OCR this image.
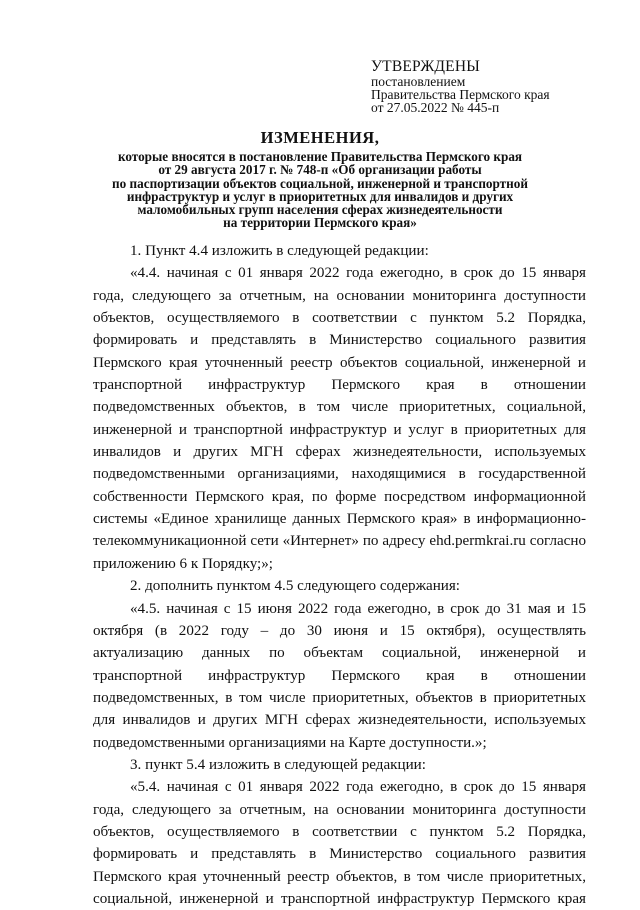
УТВЕРЖДЕНЫ
постановлением
Правительства Пермского края
от 27.05.2022 № 445-п
ИЗМЕНЕНИЯ,
которые вносятся в постановление Правительства Пермского края
от 29 августа 2017 г. № 748-п «Об организации работы
по паспортизации объектов социальной, инженерной и транспортной
инфраструктур и услуг в приоритетных для инвалидов и других
маломобильных групп населения сферах жизнедеятельности
на территории Пермского края»

1. Пункт 4.4 изложить в следующей редакции:

«4.4. начиная с 01 января 2022 года ежегодно, в срок до 15 января года, следующего за отчетным, на основании мониторинга доступности объектов, осуществляемого в соответствии с пунктом 5.2 Порядка, формировать и представлять в Министерство социального развития Пермского края уточненный реестр объектов социальной, инженерной и транспортной инфраструктур Пермского края в отношении подведомственных объектов, в том числе приоритетных, социальной, инженерной и транспортной инфраструктур и услуг в приоритетных для инвалидов и других МГН сферах жизнедеятельности, используемых подведомственными организациями, находящимися в государственной собственности Пермского края, по форме посредством информационной системы «Единое хранилище данных Пермского края» в информационно-телекоммуникационной сети «Интернет» по адресу ehd.permkrai.ru согласно приложению 6 к Порядку;»;

2. дополнить пунктом 4.5 следующего содержания:

«4.5. начиная с 15 июня 2022 года ежегодно, в срок до 31 мая и 15 октября (в 2022 году – до 30 июня и 15 октября), осуществлять актуализацию данных по объектам социальной, инженерной и транспортной инфраструктур Пермского края в отношении подведомственных, в том числе приоритетных, объектов в приоритетных для инвалидов и других МГН сферах жизнедеятельности, используемых подведомственными организациями на Карте доступности.»;

3. пункт 5.4 изложить в следующей редакции:

«5.4. начиная с 01 января 2022 года ежегодно, в срок до 15 января года, следующего за отчетным, на основании мониторинга доступности объектов, осуществляемого в соответствии с пунктом 5.2 Порядка, формировать и представлять в Министерство социального развития Пермского края уточненный реестр объектов, в том числе приоритетных, социальной, инженерной и транспортной инфраструктур Пермского края
